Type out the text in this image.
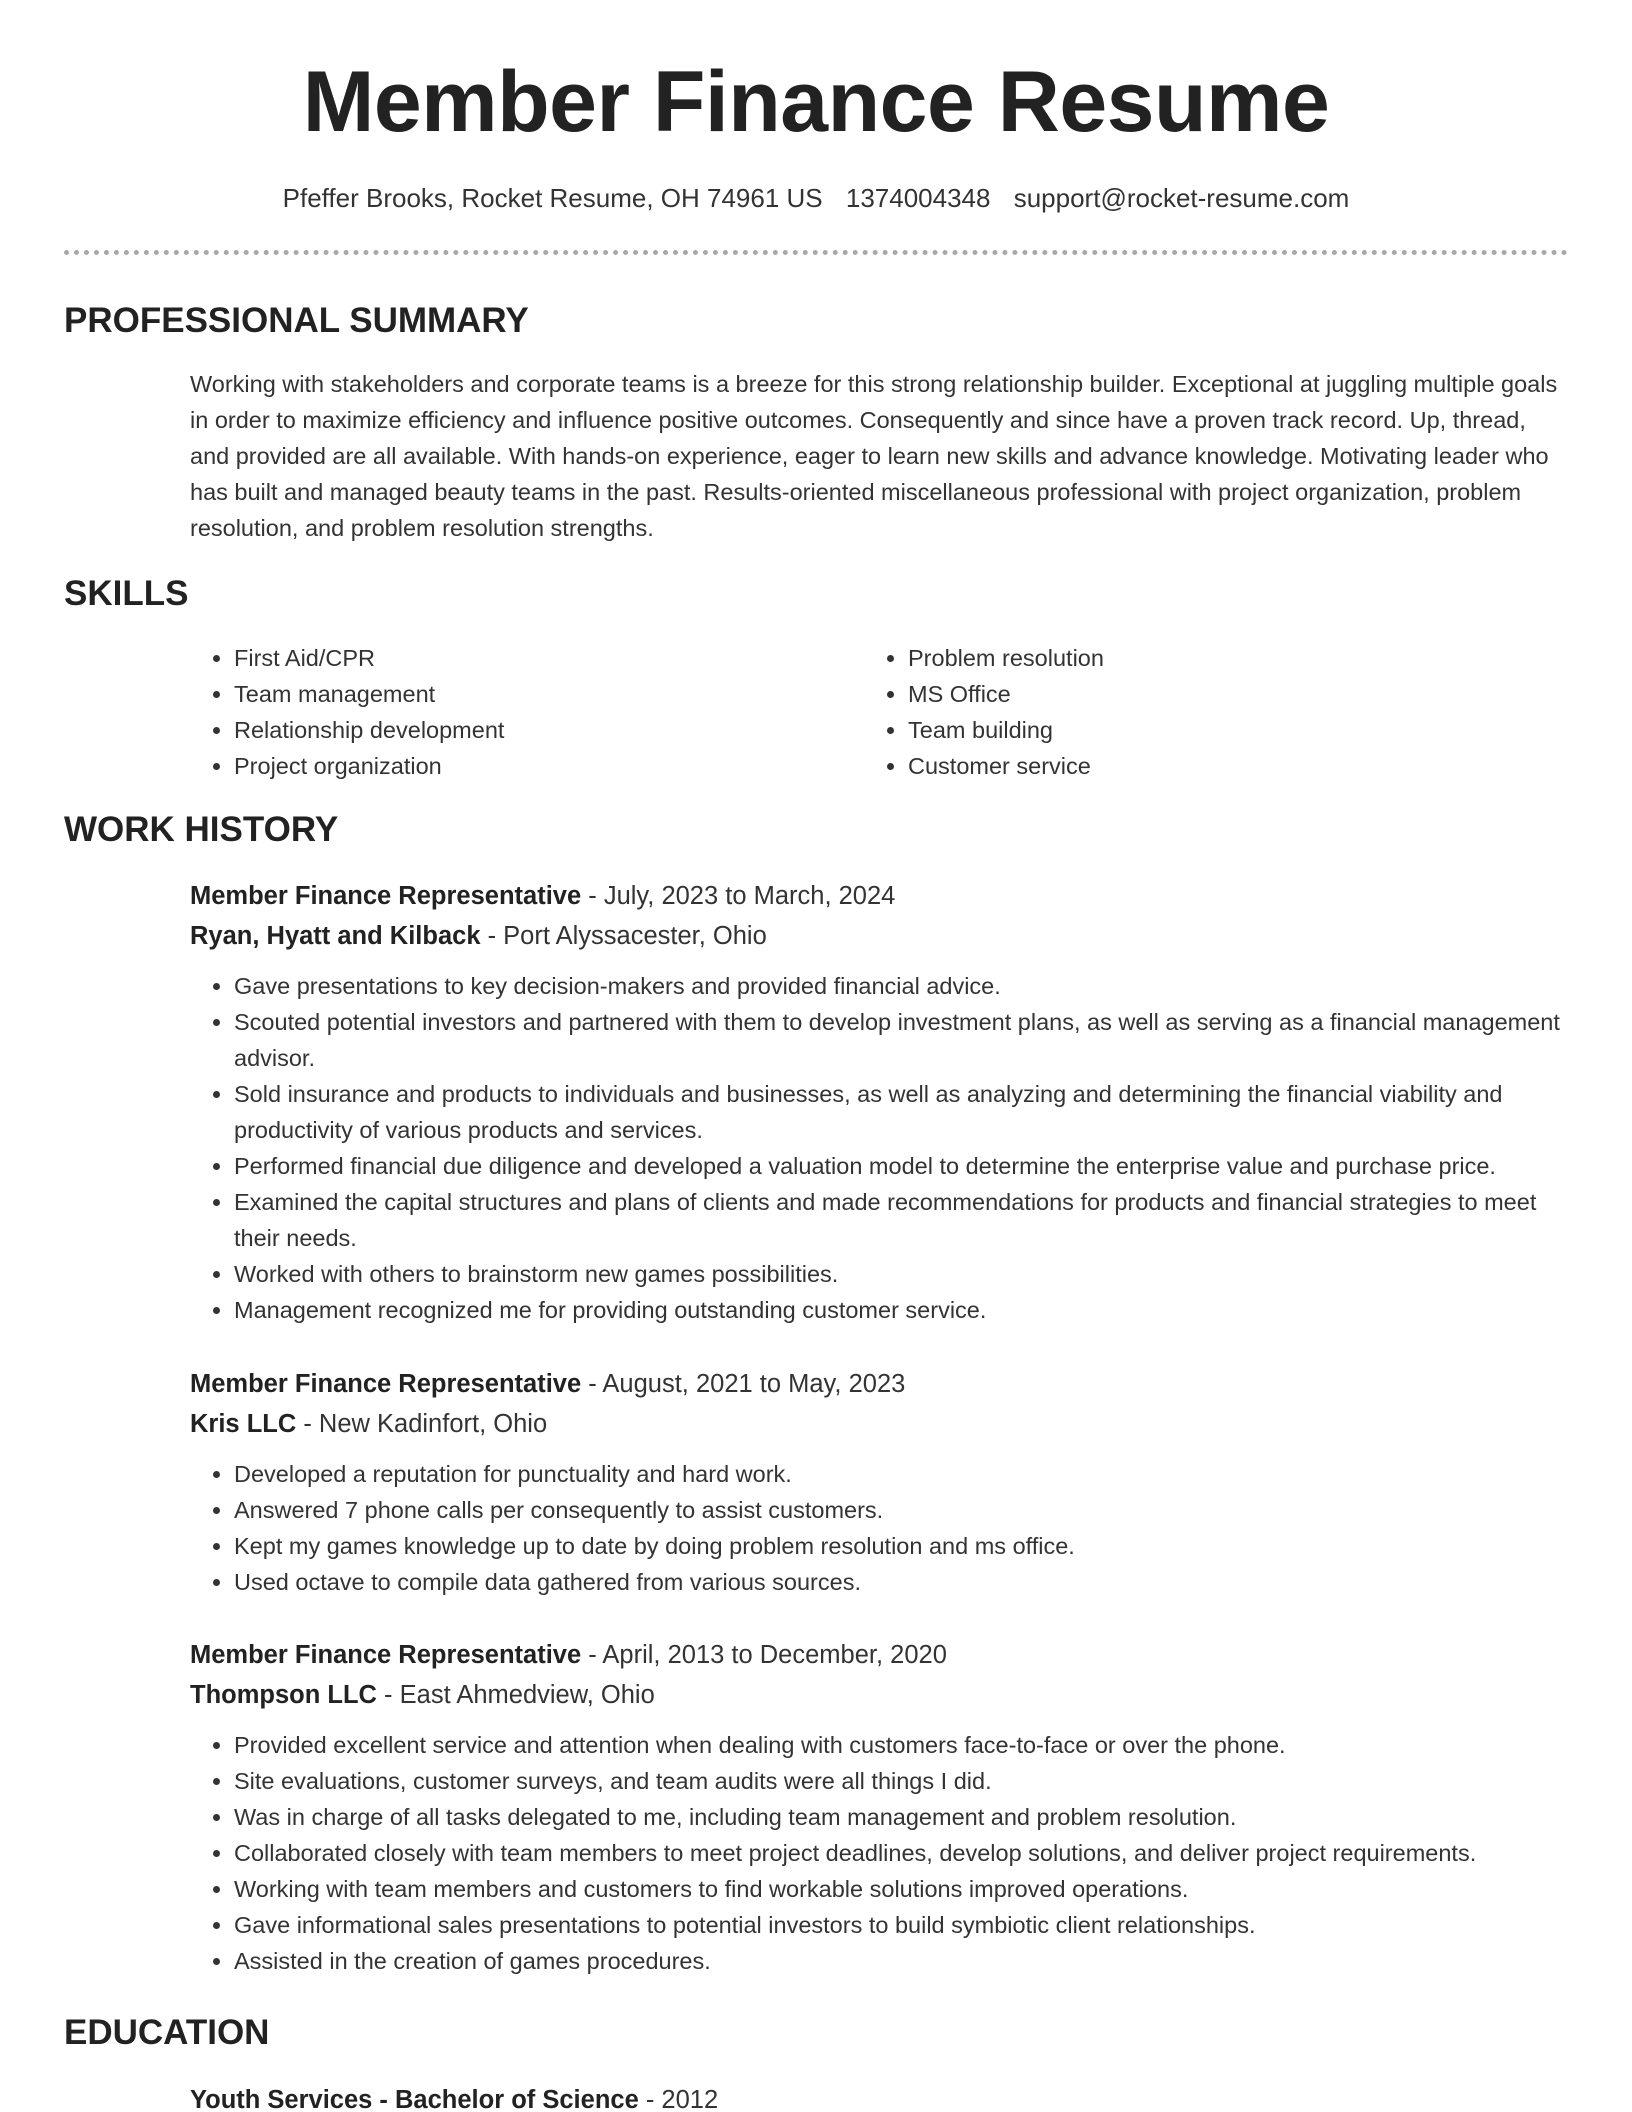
Member Finance Resume
Pfeffer Brooks, Rocket Resume, OH 74961 US 1374004348 support@rocket-resume.com
PROFESSIONAL SUMMARY

Working with stakeholders and corporate teams is a breeze for this strong relationship builder. Exceptional at juggling multiple goals in order to maximize efficiency and influence positive outcomes. Consequently and since have a proven track record. Up, thread, and provided are all available. With hands-on experience, eager to learn new skills and advance knowledge. Motivating leader who has built and managed beauty teams in the past. Results-oriented miscellaneous professional with project organization, problem resolution, and problem resolution strengths.

SKILLS
• First Aid/CPR
• Team management
• Relationship development
• Project organization
• Problem resolution
• MS Office
• Team building
• Customer service
WORK HISTORY
Member Finance Representative - July, 2023 to March, 2024
Ryan, Hyatt and Kilback - Port Alyssacester, Ohio
• Gave presentations to key decision-makers and provided financial advice.
• Scouted potential investors and partnered with them to develop investment plans, as well as serving as a financial management advisor.
• Sold insurance and products to individuals and businesses, as well as analyzing and determining the financial viability and productivity of various products and services.
• Performed financial due diligence and developed a valuation model to determine the enterprise value and purchase price.
• Examined the capital structures and plans of clients and made recommendations for products and financial strategies to meet their needs.
• Worked with others to brainstorm new games possibilities.
• Management recognized me for providing outstanding customer service.
Member Finance Representative - August, 2021 to May, 2023
Kris LLC - New Kadinfort, Ohio
• Developed a reputation for punctuality and hard work.
• Answered 7 phone calls per consequently to assist customers.
• Kept my games knowledge up to date by doing problem resolution and ms office.
• Used octave to compile data gathered from various sources.
Member Finance Representative - April, 2013 to December, 2020
Thompson LLC - East Ahmedview, Ohio
• Provided excellent service and attention when dealing with customers face-to-face or over the phone.
• Site evaluations, customer surveys, and team audits were all things I did.
• Was in charge of all tasks delegated to me, including team management and problem resolution.
• Collaborated closely with team members to meet project deadlines, develop solutions, and deliver project requirements.
• Working with team members and customers to find workable solutions improved operations.
• Gave informational sales presentations to potential investors to build symbiotic client relationships.
• Assisted in the creation of games procedures.
EDUCATION
Youth Services - Bachelor of Science - 2012
